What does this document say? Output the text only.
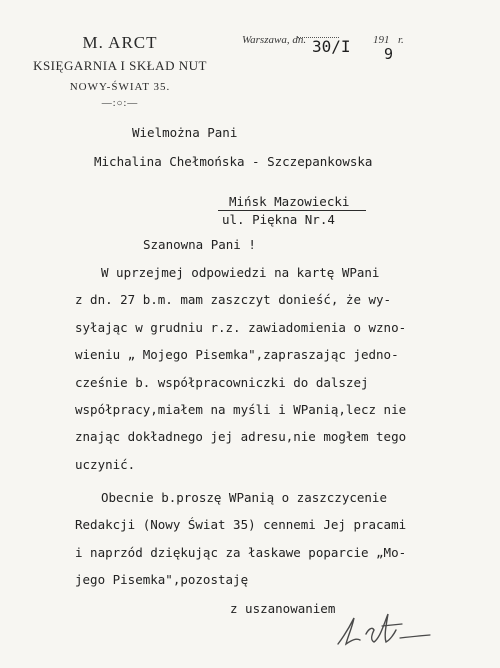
M. ARCT
KSIĘGARNIA I SKŁAD NUT
NOWY-ŚWIAT 35.
—:○:—
Warszawa, dn. 30/I 191
9
r.
Wielmożna Pani
Michalina Chełmońska - Szczepankowska
Mińsk Mazowiecki
ul. Piękna Nr.4
Szanowna Pani !
W uprzejmej odpowiedzi na kartę WPani
z dn. 27 b.m. mam zaszczyt donieść, że wy-
syłając w grudniu r.z. zawiadomienia o wzno-
wieniu „ Mojego Pisemka",zapraszając jedno-
cześnie b. współpracowniczki do dalszej
współpracy,miałem na myśli i WPanią,lecz nie
znając dokładnego jej adresu,nie mogłem tego
uczynić.
Obecnie b.proszę WPanią o zaszczycenie
Redakcji (Nowy Świat 35) cennemi Jej pracami
i naprzód dziękując za łaskawe poparcie „Mo-
jego Pisemka",pozostaję
z uszanowaniem
